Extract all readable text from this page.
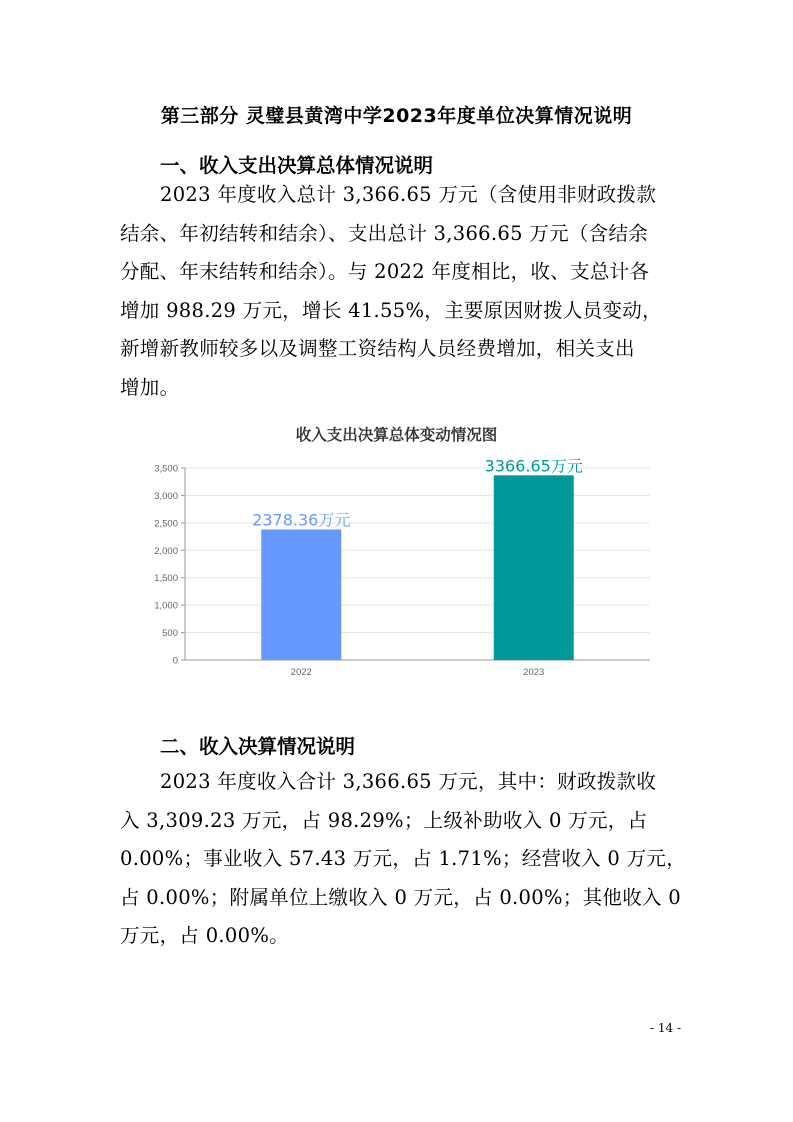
第三部分 灵璧县黄湾中学2023年度单位决算情况说明
一、收入支出决算总体情况说明
2023 年度收入总计 3,366.65 万元（含使用非财政拨款
结余、年初结转和结余）、支出总计 3,366.65 万元（含结余
分配、年末结转和结余）。与 2022 年度相比，收、支总计各
增加 988.29 万元，增长 41.55%，主要原因财拨人员变动，
新增新教师较多以及调整工资结构人员经费增加，相关支出
增加。
收入支出决算总体变动情况图
0
500
1,000
1,500
2,000
2,500
3,000
3,500
2378.36万元
2022
3366.65万元
2023
二、收入决算情况说明
2023 年度收入合计 3,366.65 万元，其中：财政拨款收
入 3,309.23 万元，占 98.29%；上级补助收入 0 万元，占
0.00%；事业收入 57.43 万元，占 1.71%；经营收入 0 万元，
占 0.00%；附属单位上缴收入 0 万元，占 0.00%；其他收入 0
万元，占 0.00%。
- 14 -
